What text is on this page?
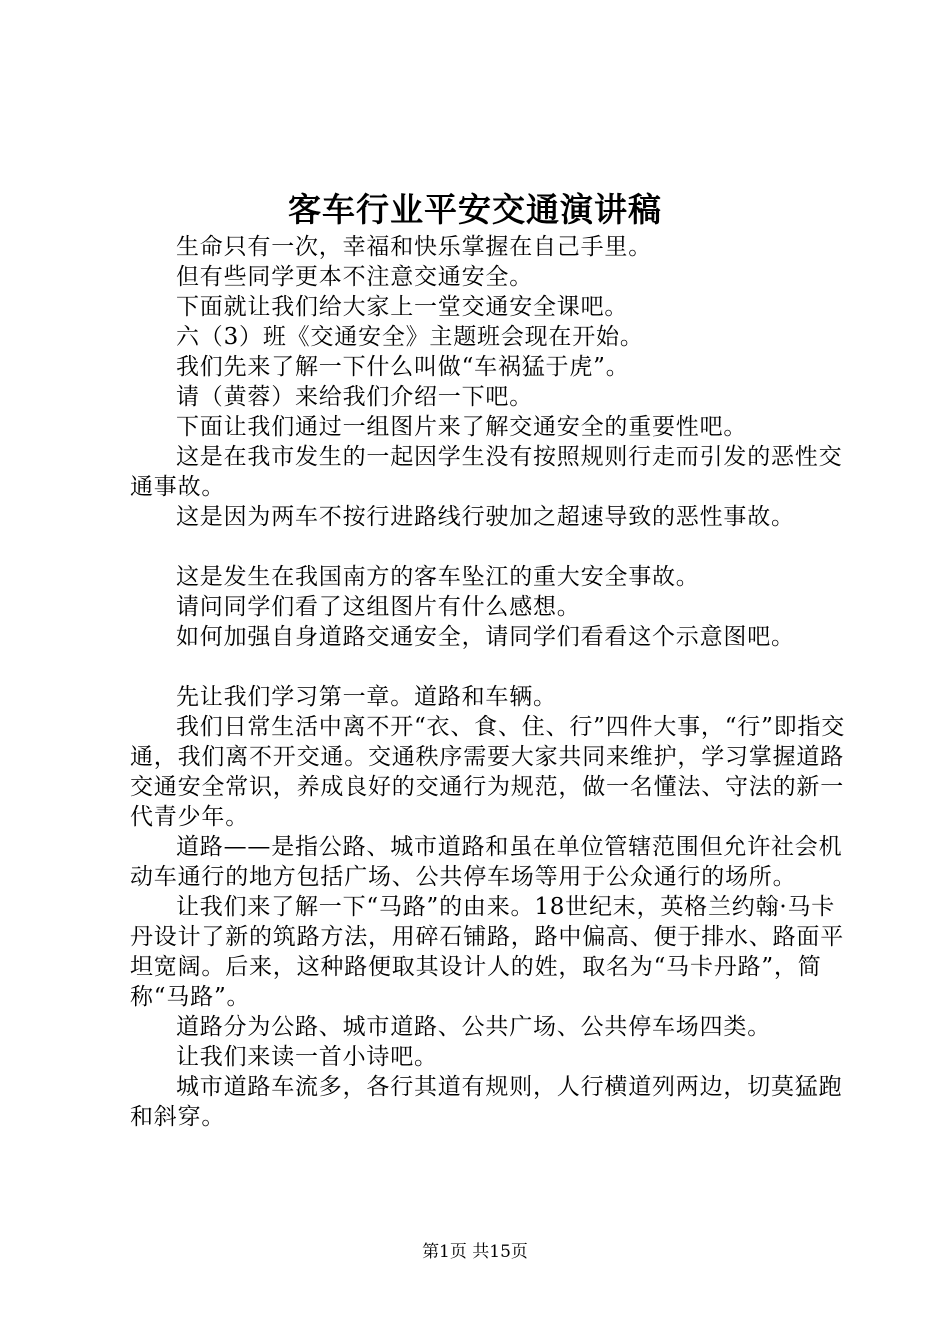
客车行业平安交通演讲稿

生命只有一次，幸福和快乐掌握在自己手里。

但有些同学更本不注意交通安全。

下面就让我们给大家上一堂交通安全课吧。

六（3）班《交通安全》主题班会现在开始。

我们先来了解一下什么叫做“车祸猛于虎”。

请（黄蓉）来给我们介绍一下吧。

下面让我们通过一组图片来了解交通安全的重要性吧。

这是在我市发生的一起因学生没有按照规则行走而引发的恶性交通事故。

这是因为两车不按行进路线行驶加之超速导致的恶性事故。

这是发生在我国南方的客车坠江的重大安全事故。

请问同学们看了这组图片有什么感想。

如何加强自身道路交通安全，请同学们看看这个示意图吧。

先让我们学习第一章。道路和车辆。

我们日常生活中离不开“衣、食、住、行”四件大事，“行”即指交通，我们离不开交通。交通秩序需要大家共同来维护，学习掌握道路交通安全常识，养成良好的交通行为规范，做一名懂法、守法的新一代青少年。

道路——是指公路、城市道路和虽在单位管辖范围但允许社会机动车通行的地方包括广场、公共停车场等用于公众通行的场所。

让我们来了解一下“马路”的由来。18世纪末，英格兰约翰·马卡丹设计了新的筑路方法，用碎石铺路，路中偏高、便于排水、路面平坦宽阔。后来，这种路便取其设计人的姓，取名为“马卡丹路”，简称“马路”。

道路分为公路、城市道路、公共广场、公共停车场四类。

让我们来读一首小诗吧。

城市道路车流多，各行其道有规则，人行横道列两边，切莫猛跑和斜穿。

第1页 共15页
